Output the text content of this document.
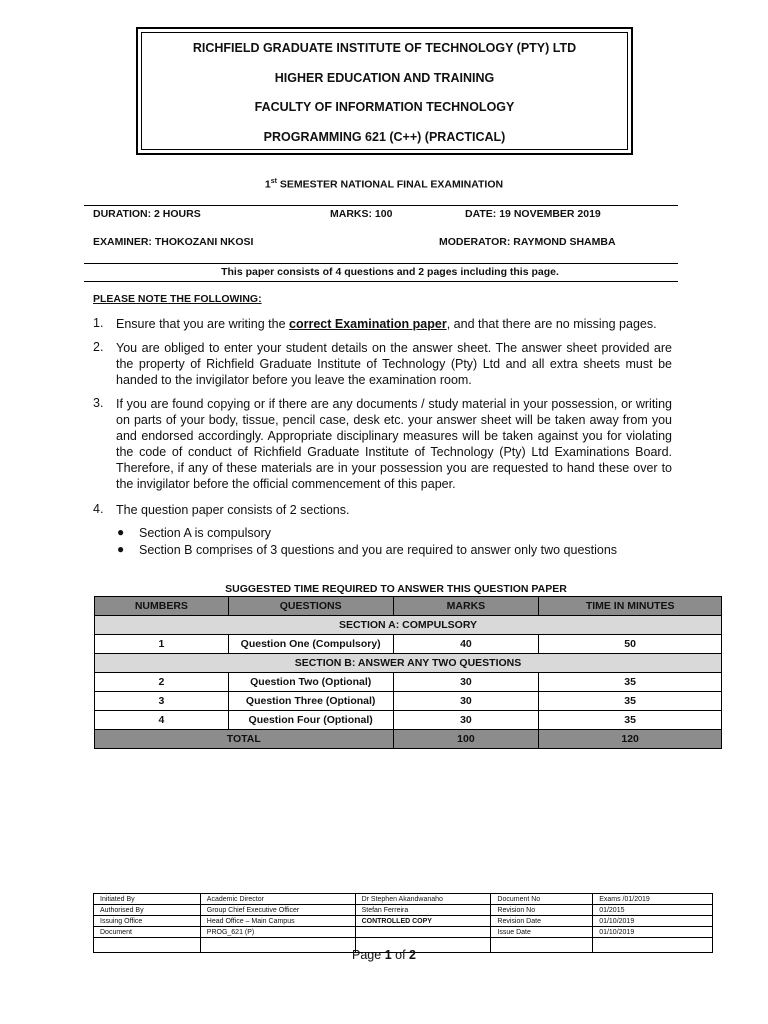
RICHFIELD GRADUATE INSTITUTE OF TECHNOLOGY (PTY) LTD
HIGHER EDUCATION AND TRAINING
FACULTY OF INFORMATION TECHNOLOGY
PROGRAMMING 621 (C++) (PRACTICAL)
1st SEMESTER NATIONAL FINAL EXAMINATION
DURATION: 2 HOURS	MARKS: 100	DATE: 19 NOVEMBER 2019
EXAMINER: THOKOZANI NKOSI	MODERATOR: RAYMOND SHAMBA
This paper consists of 4 questions and 2 pages including this page.
PLEASE NOTE THE FOLLOWING:
1. Ensure that you are writing the correct Examination paper, and that there are no missing pages.
2. You are obliged to enter your student details on the answer sheet. The answer sheet provided are the property of Richfield Graduate Institute of Technology (Pty) Ltd and all extra sheets must be handed to the invigilator before you leave the examination room.
3. If you are found copying or if there are any documents / study material in your possession, or writing on parts of your body, tissue, pencil case, desk etc. your answer sheet will be taken away from you and endorsed accordingly. Appropriate disciplinary measures will be taken against you for violating the code of conduct of Richfield Graduate Institute of Technology (Pty) Ltd Examinations Board. Therefore, if any of these materials are in your possession you are requested to hand these over to the invigilator before the official commencement of this paper.
4. The question paper consists of 2 sections.
● Section A is compulsory
● Section B comprises of 3 questions and you are required to answer only two questions
SUGGESTED TIME REQUIRED TO ANSWER THIS QUESTION PAPER
NUMBERS	QUESTIONS	MARKS	TIME IN MINUTES
SECTION A: COMPULSORY			
1	Question One (Compulsory)	40	50
SECTION B: ANSWER ANY TWO QUESTIONS			
2	Question Two (Optional)	30	35
3	Question Three (Optional)	30	35
4	Question Four (Optional)	30	35
TOTAL		100	120
Initiated By	Academic Director	Dr Stephen Akandwanaho	Document No	Exams /01/2019
Authorised By	Group Chief Executive Officer	Stefan Ferreira	Revision No	01/2015
Issuing Office	Head Office – Main Campus	CONTROLLED COPY	Revision Date	01/10/2019
Document	PROG_621 (P)		Issue Date	01/10/2019

Page 1 of 2
